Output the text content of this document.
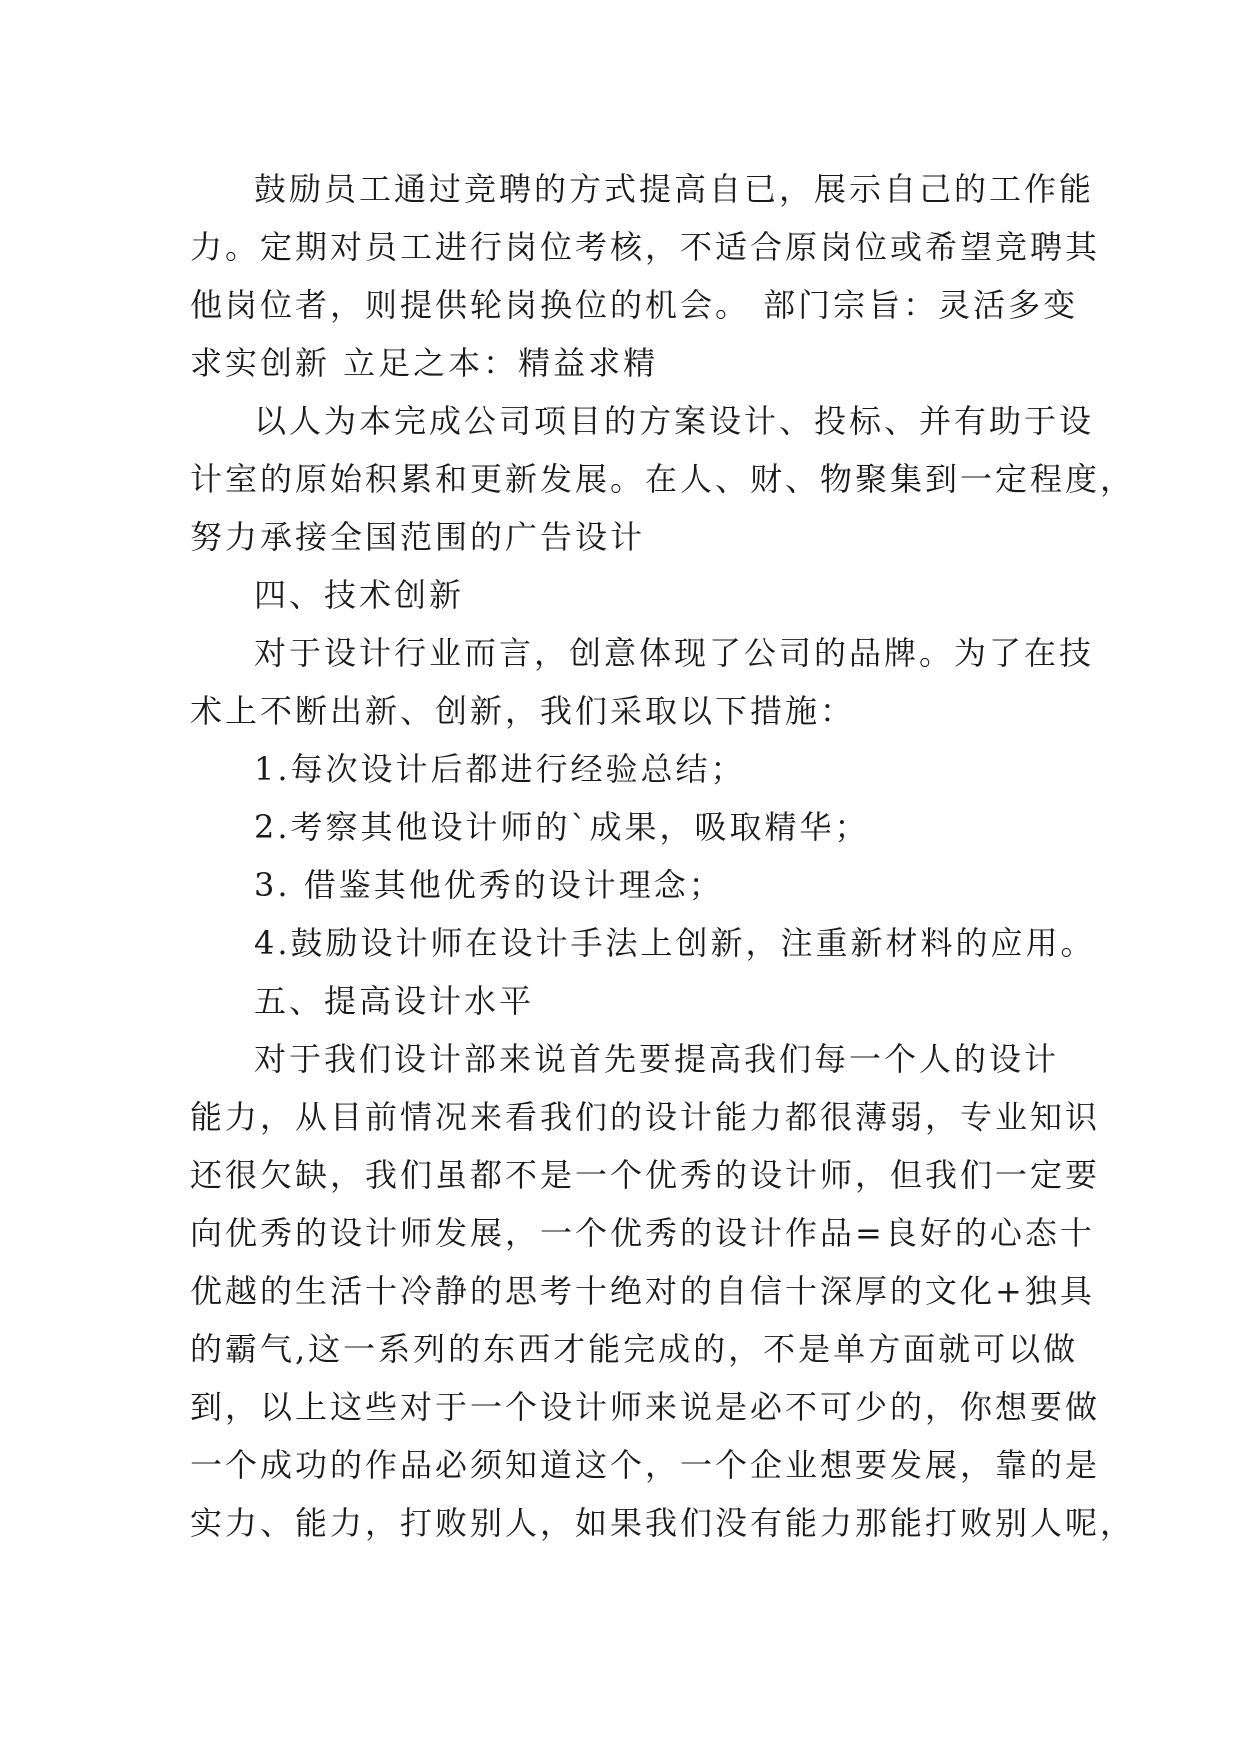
鼓励员工通过竞聘的方式提高自已，展示自己的工作能
力。定期对员工进行岗位考核，不适合原岗位或希望竞聘其
他岗位者，则提供轮岗换位的机会。 部门宗旨：灵活多变
求实创新 立足之本：精益求精
以人为本完成公司项目的方案设计、投标、并有助于设
计室的原始积累和更新发展。在人、财、物聚集到一定程度，
努力承接全国范围的广告设计
四、技术创新
对于设计行业而言，创意体现了公司的品牌。为了在技
术上不断出新、创新，我们采取以下措施：
1.每次设计后都进行经验总结；
2.考察其他设计师的`成果，吸取精华；
3. 借鉴其他优秀的设计理念；
4.鼓励设计师在设计手法上创新，注重新材料的应用。
五、提高设计水平
对于我们设计部来说首先要提高我们每一个人的设计
能力，从目前情况来看我们的设计能力都很薄弱，专业知识
还很欠缺，我们虽都不是一个优秀的设计师，但我们一定要
向优秀的设计师发展，一个优秀的设计作品=良好的心态十
优越的生活十冷静的思考十绝对的自信十深厚的文化+独具
的霸气,这一系列的东西才能完成的，不是单方面就可以做
到，以上这些对于一个设计师来说是必不可少的，你想要做
一个成功的作品必须知道这个，一个企业想要发展，靠的是
实力、能力，打败别人，如果我们没有能力那能打败别人呢，
